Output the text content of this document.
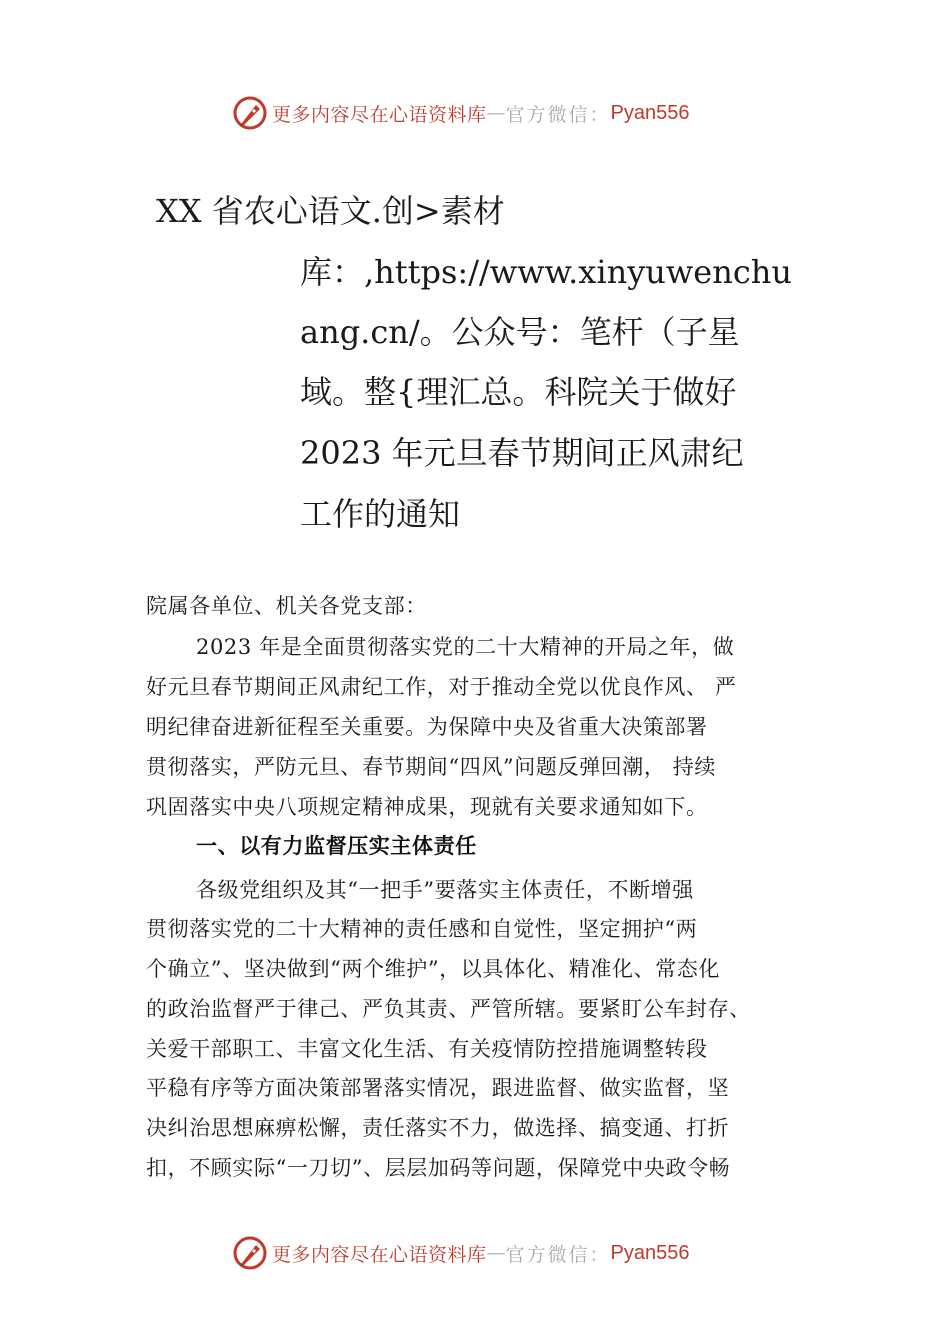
更多内容尽在心语资料库 — 官方微信： Pyan556
XX 省农心语文.创>素材
库：,https://www.xinyuwenchu
ang.cn/。公众号：笔杆（子星
域。整{理汇总。科院关于做好
2023 年元旦春节期间正风肃纪
工作的通知
院属各单位、机关各党支部：
2023 年是全面贯彻落实党的二十大精神的开局之年，做
好元旦春节期间正风肃纪工作，对于推动全党以优良作风、 严
明纪律奋进新征程至关重要。为保障中央及省重大决策部署
贯彻落实，严防元旦、春节期间“四风”问题反弹回潮， 持续
巩固落实中央八项规定精神成果，现就有关要求通知如下。
一、以有力监督压实主体责任
各级党组织及其“一把手”要落实主体责任，不断增强
贯彻落实党的二十大精神的责任感和自觉性，坚定拥护“两
个确立”、坚决做到“两个维护”，以具体化、精准化、常态化
的政治监督严于律己、严负其责、严管所辖。要紧盯公车封存、
关爱干部职工、丰富文化生活、有关疫情防控措施调整转段
平稳有序等方面决策部署落实情况，跟进监督、做实监督，坚
决纠治思想麻痹松懈，责任落实不力，做选择、搞变通、打折
扣，不顾实际“一刀切”、层层加码等问题，保障党中央政令畅
更多内容尽在心语资料库 — 官方微信： Pyan556
